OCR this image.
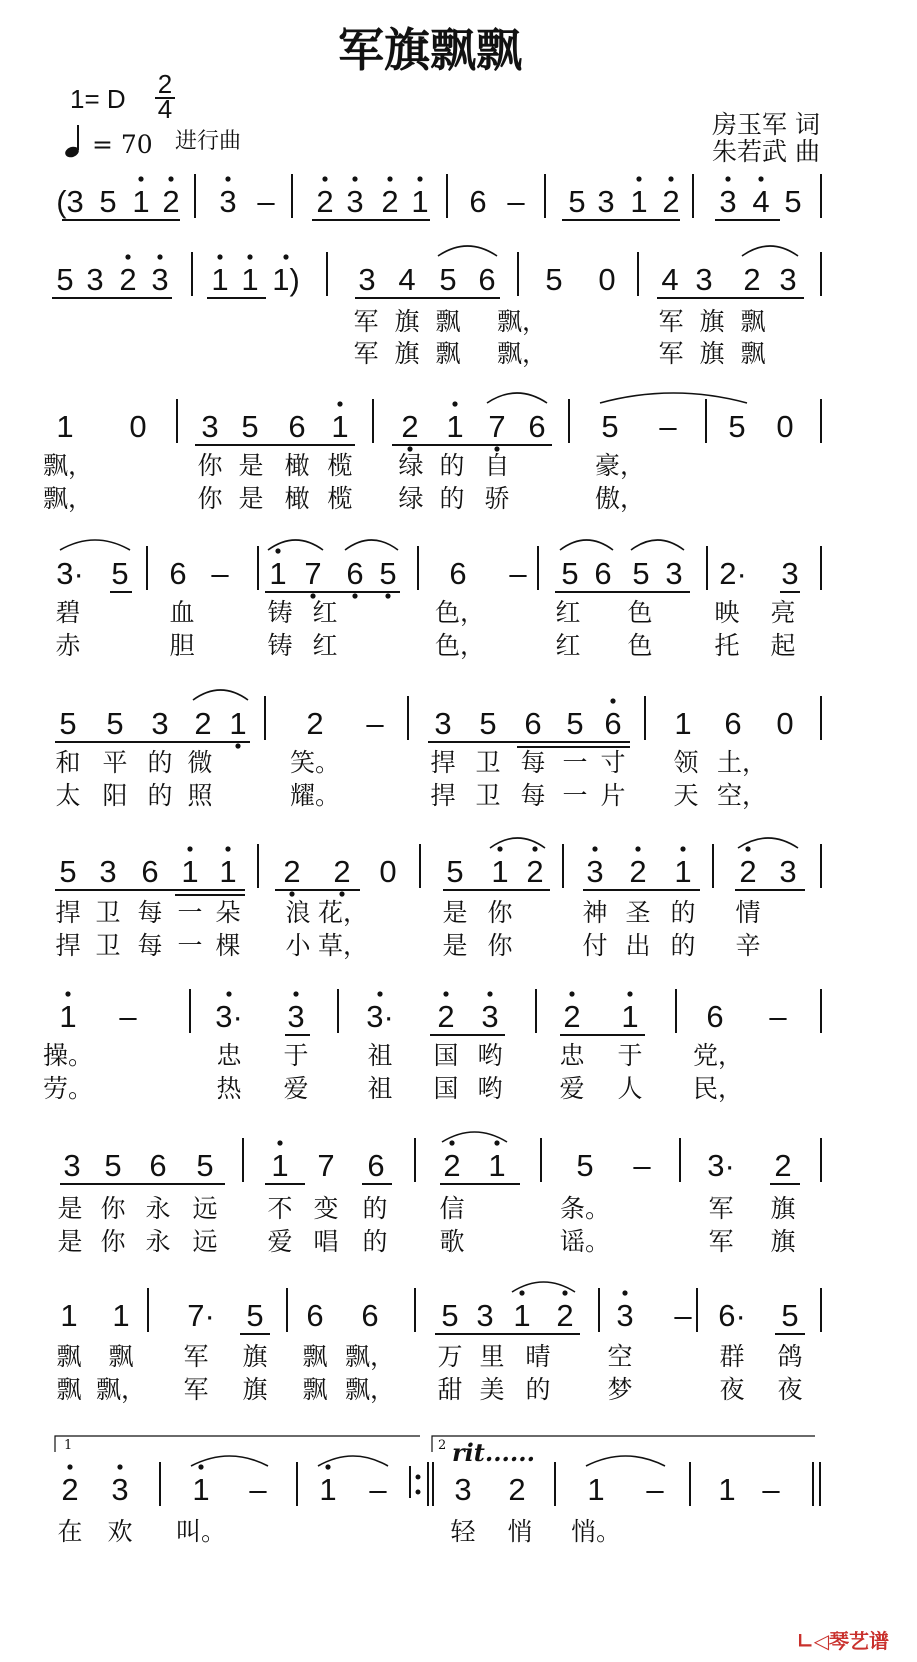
军旗飘飘
1= D 2
4
= 70 进行曲
房玉军 词
朱若武 曲
(3 5 1 2 3 – 2 3 2 1 6 – 5 3 1 2 3 4 5
5 3 2 3 1 1 1) 3 4 5 6 5 0 4 3 2 3
军 旗 飘 飘，	军 旗 飘
军 旗 飘 飘，	军 旗 飘
1 0 3 5 6 1 2 1 7 6 5 – 5 0
飘，	你 是 橄 榄 绿 的 自	豪，
飘，	你 是 橄 榄 绿 的 骄	傲，
3· 5 6 – 1 7 6 5 6 – 5 6 5 3 2· 3
碧	血	铸 红	色，	红 色 映 亮
赤	胆	铸 红	色，	红 色 托 起
5 5 3 2 1 2 – 3 5 6 5 6 1 6 0
和 平 的 微	笑。	捍 卫 每 一 寸 领 土，
太 阳 的 照	耀。	捍 卫 每 一 片 天 空，
5 3 6 1 1 2 2 0 5 1 2 3 2 1 2 3
捍 卫 每 一 朵 浪 花，	是 你	神 圣 的 情
捍 卫 每 一 棵 小 草，	是 你	付 出 的 辛
1 –	3· 3 3· 2 3 2 1 6 –
操。	忠 于 祖 国 哟 忠 于 党，
劳。	热 爱 祖 国 哟 爱 人 民，
3 5 6 5 1 7 6 2 1 5 – 3· 2
是 你 永 远 不 变 的 信	条。	军 旗
是 你 永 远 爱 唱 的 歌	谣。	军 旗
1 1 7· 5 6 6 5 3 1 2 3 – 6· 5
飘 飘 军 旗 飘 飘， 万 里 晴 空	群 鸽
飘 飘， 军 旗 飘 飘， 甜 美 的 梦	夜 夜
2 3 1 – 1 – 3 2 1 – 1 –
在 欢 叫。	轻 悄 悄。
1	2 rit......
∟◁琴艺谱
